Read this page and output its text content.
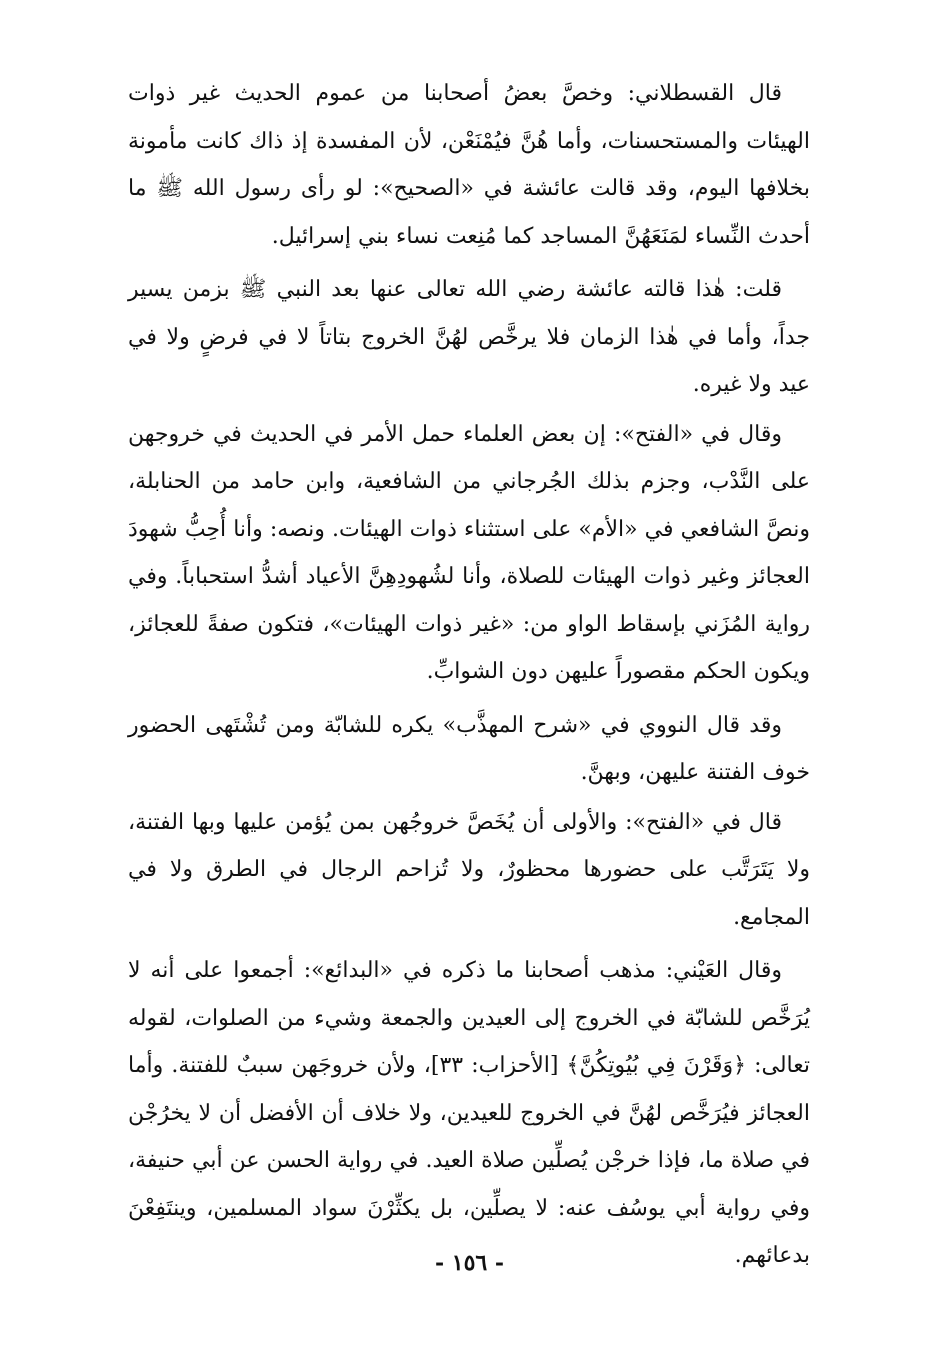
قال القسطلاني: وخصَّ بعضُ أصحابنا من عموم الحديث غير ذوات الهيئات والمستحسنات، وأما هُنَّ فيُمْنَعْن، لأن المفسدة إذ ذاك كانت مأمونة بخلافها اليوم، وقد قالت عائشة في «الصحيح»: لو رأى رسول الله ﷺ ما أحدث النِّساء لمَنَعَهُنَّ المساجد كما مُنِعت نساء بني إسرائيل.

قلت: هٰذا قالته عائشة رضي الله تعالى عنها بعد النبي ﷺ بزمن يسير جداً، وأما في هٰذا الزمان فلا يرخَّص لهُنَّ الخروج بتاتاً لا في فرضٍ ولا في عيد ولا غيره.

وقال في «الفتح»: إن بعض العلماء حمل الأمر في الحديث في خروجهن على النَّدْب، وجزم بذلك الجُرجاني من الشافعية، وابن حامد من الحنابلة، ونصَّ الشافعي في «الأم» على استثناء ذوات الهيئات. ونصه: وأنا أُحِبُّ شهودَ العجائز وغير ذوات الهيئات للصلاة، وأنا لشُهودِهِنَّ الأعياد أشدُّ استحباباً. وفي رواية المُزَني بإسقاط الواو من: «غير ذوات الهيئات»، فتكون صفةً للعجائز، ويكون الحكم مقصوراً عليهن دون الشوابِّ.

وقد قال النووي في «شرح المهذَّب» يكره للشابّة ومن تُشْتَهى الحضور خوف الفتنة عليهن، وبهنَّ.

قال في «الفتح»: والأولى أن يُخَصَّ خروجُهن بمن يُؤمن عليها وبها الفتنة، ولا يَتَرَتَّب على حضورها محظورٌ، ولا تُزاحم الرجال في الطرق ولا في المجامع.

وقال العَيْني: مذهب أصحابنا ما ذكره في «البدائع»: أجمعوا على أنه لا يُرَخَّص للشابّة في الخروج إلى العيدين والجمعة وشيء من الصلوات، لقوله تعالى: ﴿وَقَرْنَ فِي بُيُوتِكُنَّ﴾ [الأحزاب: ٣٣]، ولأن خروجَهن سببٌ للفتنة. وأما العجائز فيُرَخَّص لهُنَّ في الخروج للعيدين، ولا خلاف أن الأفضل أن لا يخرُجْن في صلاة ما، فإذا خرجْن يُصلِّين صلاة العيد. في رواية الحسن عن أبي حنيفة، وفي رواية أبي يوسُف عنه: لا يصلِّين، بل يكثِّرْنَ سواد المسلمين، وينتَفِعْنَ بدعائهم.

- ١٥٦ -
